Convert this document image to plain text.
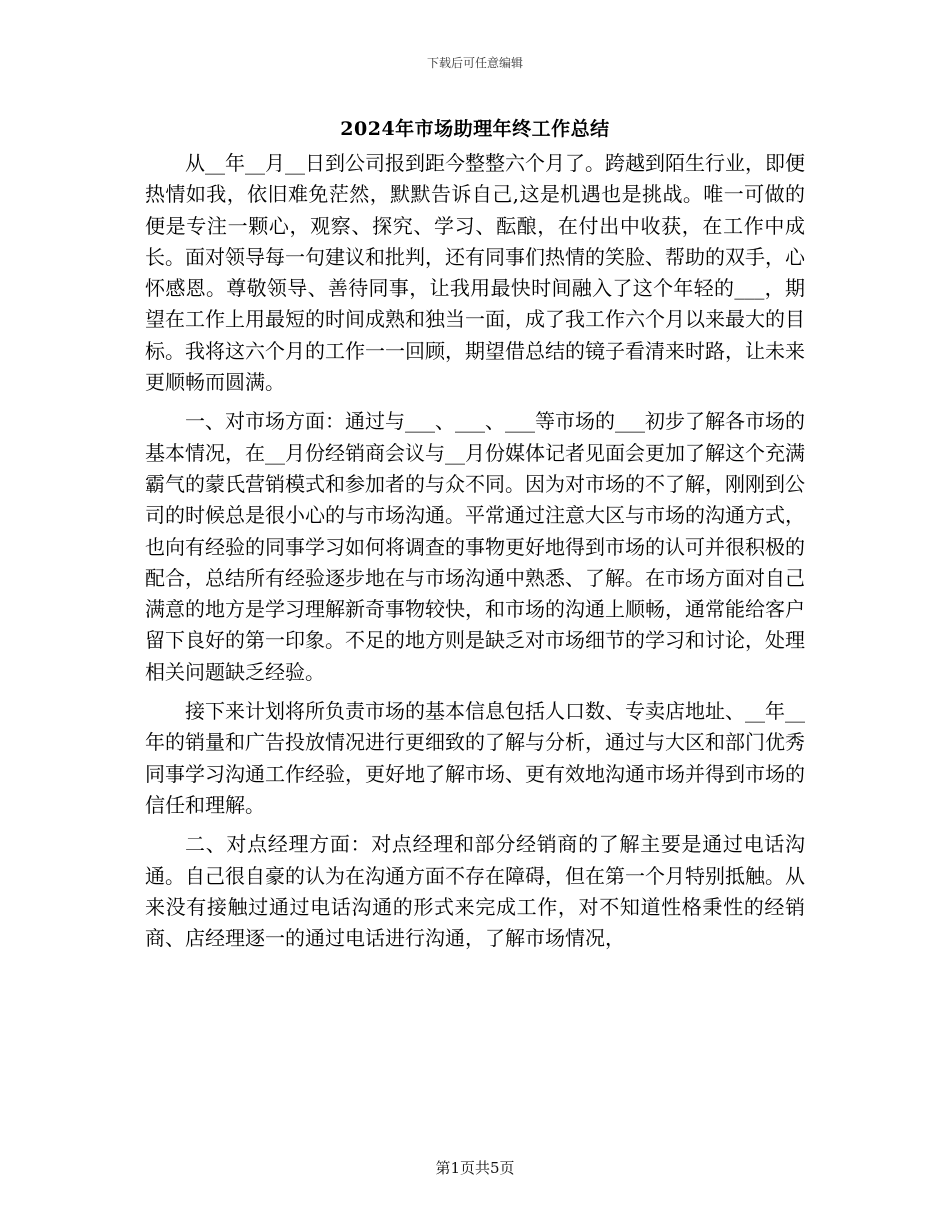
下载后可任意编辑
2024年市场助理年终工作总结

从__年__月__日到公司报到距今整整六个月了。跨越到陌生行业，即便热情如我，依旧难免茫然，默默告诉自己,这是机遇也是挑战。唯一可做的便是专注一颗心，观察、探究、学习、酝酿，在付出中收获，在工作中成长。面对领导每一句建议和批判，还有同事们热情的笑脸、帮助的双手，心怀感恩。尊敬领导、善待同事，让我用最快时间融入了这个年轻的___，期望在工作上用最短的时间成熟和独当一面，成了我工作六个月以来最大的目标。我将这六个月的工作一一回顾，期望借总结的镜子看清来时路，让未来更顺畅而圆满。

一、对市场方面：通过与___、___、___等市场的___初步了解各市场的基本情况，在__月份经销商会议与__月份媒体记者见面会更加了解这个充满霸气的蒙氏营销模式和参加者的与众不同。因为对市场的不了解，刚刚到公司的时候总是很小心的与市场沟通。平常通过注意大区与市场的沟通方式，也向有经验的同事学习如何将调查的事物更好地得到市场的认可并很积极的配合，总结所有经验逐步地在与市场沟通中熟悉、了解。在市场方面对自己满意的地方是学习理解新奇事物较快，和市场的沟通上顺畅，通常能给客户留下良好的第一印象。不足的地方则是缺乏对市场细节的学习和讨论，处理相关问题缺乏经验。

接下来计划将所负责市场的基本信息包括人口数、专卖店地址、__年__年的销量和广告投放情况进行更细致的了解与分析，通过与大区和部门优秀同事学习沟通工作经验，更好地了解市场、更有效地沟通市场并得到市场的信任和理解。

二、对点经理方面：对点经理和部分经销商的了解主要是通过电话沟通。自己很自豪的认为在沟通方面不存在障碍，但在第一个月特别抵触。从来没有接触过通过电话沟通的形式来完成工作，对不知道性格秉性的经销商、店经理逐一的通过电话进行沟通，了解市场情况，

第1页共5页
